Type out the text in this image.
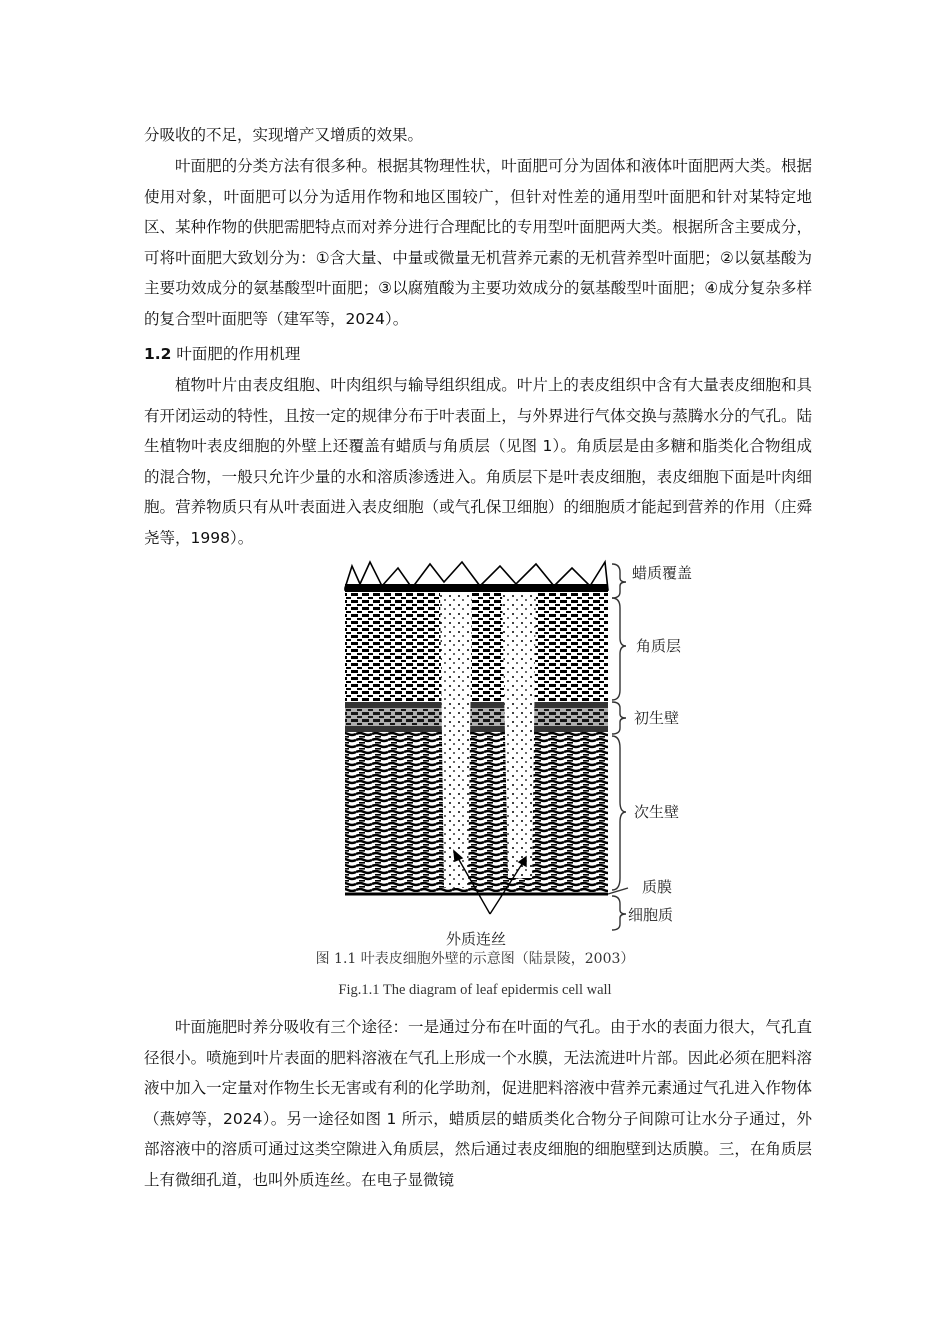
分吸收的不足，实现增产又增质的效果。

叶面肥的分类方法有很多种。根据其物理性状，叶面肥可分为固体和液体叶面肥两大类。根据使用对象，叶面肥可以分为适用作物和地区围较广，但针对性差的通用型叶面肥和针对某特定地区、某种作物的供肥需肥特点而对养分进行合理配比的专用型叶面肥两大类。根据所含主要成分，可将叶面肥大致划分为：①含大量、中量或微量无机营养元素的无机营养型叶面肥；②以氨基酸为主要功效成分的氨基酸型叶面肥；③以腐殖酸为主要功效成分的氨基酸型叶面肥；④成分复杂多样的复合型叶面肥等（建军等，2024）。

1.2 叶面肥的作用机理

植物叶片由表皮组胞、叶肉组织与输导组织组成。叶片上的表皮组织中含有大量表皮细胞和具有开闭运动的特性，且按一定的规律分布于叶表面上，与外界进行气体交换与蒸腾水分的气孔。陆生植物叶表皮细胞的外壁上还覆盖有蜡质与角质层（见图 1）。角质层是由多糖和脂类化合物组成的混合物，一般只允许少量的水和溶质渗透进入。角质层下是叶表皮细胞，表皮细胞下面是叶肉细胞。营养物质只有从叶表面进入表皮细胞（或气孔保卫细胞）的细胞质才能起到营养的作用（庄舜尧等，1998）。

蜡质覆盖
角质层
初生壁
次生壁
质膜
细胞质
外质连丝

图 1.1 叶表皮细胞外壁的示意图（陆景陵，2003）

Fig.1.1 The diagram of leaf epidermis cell wall

叶面施肥时养分吸收有三个途径：一是通过分布在叶面的气孔。由于水的表面力很大，气孔直径很小。喷施到叶片表面的肥料溶液在气孔上形成一个水膜，无法流进叶片部。因此必须在肥料溶液中加入一定量对作物生长无害或有利的化学助剂，促进肥料溶液中营养元素通过气孔进入作物体（燕婷等，2024）。另一途径如图 1 所示，蜡质层的蜡质类化合物分子间隙可让水分子通过，外部溶液中的溶质可通过这类空隙进入角质层，然后通过表皮细胞的细胞壁到达质膜。三，在角质层上有微细孔道，也叫外质连丝。在电子显微镜
